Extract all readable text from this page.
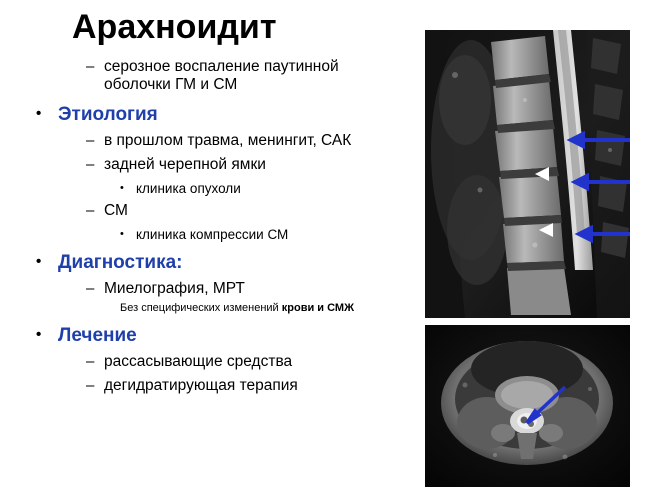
Арахноидит
– серозное воспаление паутинной оболочки ГМ и СМ
• Этиология
– в прошлом травма, менингит, САК
– задней черепной ямки
• клиника опухоли
– СМ
• клиника компрессии СМ
• Диагностика:
– Миелография, МРТ
Без специфических изменений крови и СМЖ
• Лечение
– рассасывающие средства
– дегидратирующая терапия
